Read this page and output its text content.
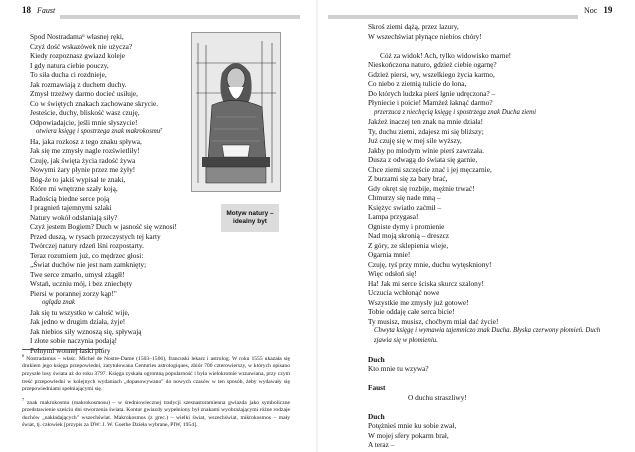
18 Faust
Spod Nostradama⁶ własnej ręki,
Czyż dość wskazówek nie użycza?
Kiedy rozpoznasz gwiazd koleje
I gdy natura ciebie pouczy,
To siła ducha ci rozdnieje,
Jak rozmawiają z duchem duchy.
Zmysł trzeźwy darmo docieć usiłuje,
Co w świętych znakach zachowane skrycie.
Jesteście, duchy, bliskość wasz czuję,
Odpowiadajcie, jeśli mnie słyszycie!
otwiera księgę i spostrzega znak makrokosmu⁷
Ha, jaka rozkosz z tego znaku spływa,
Jak się me zmysły nagle rozświetliły!
Czuję, jak święta życia radość żywa
Nowymi żary płynie przez me żyły!
Bóg-że to jakiś wypisał te znaki,
Które mi wnętrzne szały koją,
Radością biedne serce poją
I pragnień tajemnymi szlaki
Natury wokół odsłaniają siły?
Czyż jestem Bogiem? Duch w jasność się wznosi!
Przed duszą, w rysach przeczystych tej karty
Twórczej natury rdzeń lśni rozpostarty.
Teraz rozumiem już, co mędrzec głosi:
„Świat duchów nie jest nam zamknięty;
Twe serce zmarło, umysł zżągłł!
Wstań, uczniu mój, i bez zniechęty
Piersi w porannej zorzy kąp!"
ogląda znak
Jak się tu wszystko w całość wije,
Jak jedno w drugim działa, żyje!
Jak niebios siły wznoszą się, spływają
I złote sobie naczynia podają!
Pełnymi wonnej łaski pióry
Motyw natury –
idealny byt
$^6$ Nostradamus – właśc. Michel de Nostre-Dame (1503–1566), francuski lekarz i astrolog. W roku 1555 ukazała się drukiem jego księga przepowiedni, zatytułowana Centuries astrologiques, zbiór 700 czterowierszy, w których opisano przyszłe losy świata aż do roku 3797. Księga zyskała ogromną popularność i była wielokrotnie wznawiana, przy czym treść przepowiedni w kolejnych wydaniach „dopasowywano" do nowych czasów w ten sposób, żeby wydawały się przepowiedniami spełniającymi się.
$^7$ znak makrokosmu (makrokosmosu) – w średniowiecznej tradycji szesnastoramienna gwiazda jako symboliczne przedstawienie sześciu dni stworzenia świata. Kontur gwiazdy wypełniony był znakami wyobrażającymi różne rodzaje duchów „nakładających" wszechświat. Makrokosmos (z grec.) – wielki świat, wszechświat, mikrokosmos – mały świat, tj. człowiek [przypis za DW: J. W. Goethe Dzieła wybrane, PIW, 1954].
Noc 19
Skroś ziemi dążą, przez lazury,
W wszechświat płynące niebios chóry!

Cóż za widok! Ach, tylko widowisko marne!
Nieskończona naturo, gdzież ciebie ogarnę?
Gdzież piersi, wy, wszelkiego życia karmo,
Co niebo z ziemią tulicie do łona,
Do których ludzka pierś lgnie udręczona? –
Płyniecie i poicie! Mamżeż łaknąć darmo?
przerzuca z niechęcią księgę i spostrzega znak Ducha ziemi
Jakżeż inaczej ten znak na mnie działa!
Ty, duchu ziemi, zdajesz mi się bliższy;
Już czuję się w mej sile wyższy,
Jakby po młodym winie pierś zawrzała.
Dusza z odwagą do świata się garnie,
Chce ziemi szczęście znać i jej męczarnie,
Z burzami się za bary brać,
Gdy okręt się rozbije, mężnie trwać!
Chmurzy się nade mną –
Księżyc swiatło zaćmił –
Lampa przygasa!
Ogniste dymy i promienie
Nad moją skronią – dreszcz
Z góry, ze sklepienia wieje,
Ogarnia mnie!
Czuję, tyś przy mnie, duchu wytęskniony!
Więc odsłoń się!
Ha! Jak mi serce ściska skurcz szalony!
Uczucia wchłonąć nowe
Wszystkie me zmysły już gotowe!
Tobie oddaję całe serca bicie!
Ty musisz, musisz, choćbym miał dać życie!
Chwyta księgę i wymawia tajemniczo znak Ducha. Błyska czerwony płomień. Duch
zjawia się w płomieniu.

Duch
Kto mnie tu wzywa?

Faust
O duchu straszliwy!

Duch
Potężnieś mnie ku sobie zwał,
W mojej sfery pokarm brał,
A teraz –
